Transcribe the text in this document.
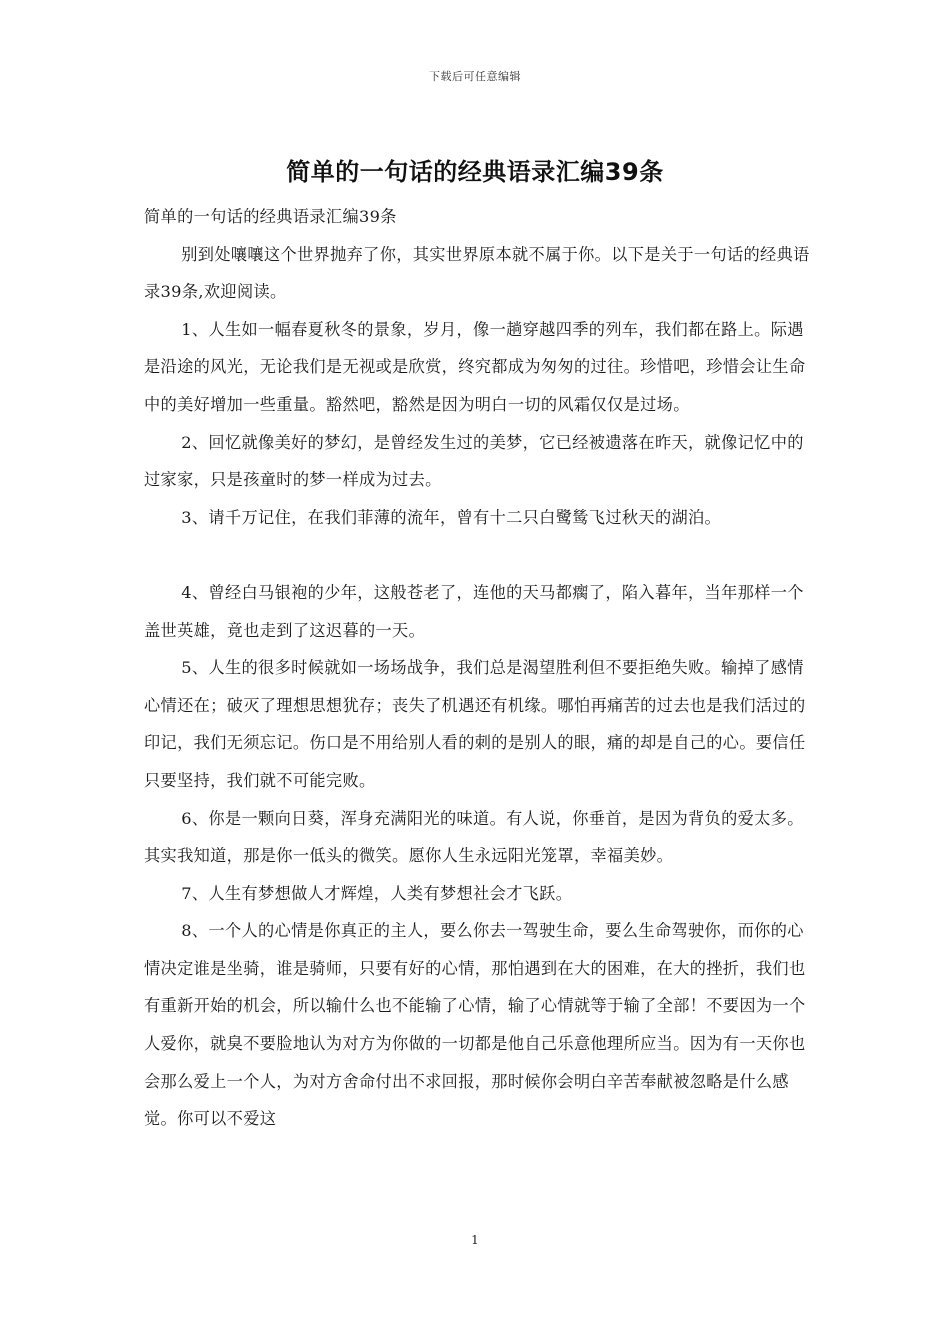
下载后可任意编辑
简单的一句话的经典语录汇编39条

简单的一句话的经典语录汇编39条

别到处嚷嚷这个世界抛弃了你，其实世界原本就不属于你。以下是关于一句话的经典语录39条,欢迎阅读。

1、人生如一幅春夏秋冬的景象，岁月，像一趟穿越四季的列车，我们都在路上。际遇是沿途的风光，无论我们是无视或是欣赏，终究都成为匆匆的过往。珍惜吧，珍惜会让生命中的美好增加一些重量。豁然吧，豁然是因为明白一切的风霜仅仅是过场。

2、回忆就像美好的梦幻，是曾经发生过的美梦，它已经被遗落在昨天，就像记忆中的过家家，只是孩童时的梦一样成为过去。

3、请千万记住，在我们菲薄的流年，曾有十二只白鹭鸶飞过秋天的湖泊。

4、曾经白马银袍的少年，这般苍老了，连他的天马都瘸了，陷入暮年，当年那样一个盖世英雄，竟也走到了这迟暮的一天。

5、人生的很多时候就如一场场战争，我们总是渴望胜利但不要拒绝失败。输掉了感情心情还在；破灭了理想思想犹存；丧失了机遇还有机缘。哪怕再痛苦的过去也是我们活过的印记，我们无须忘记。伤口是不用给别人看的刺的是别人的眼，痛的却是自己的心。要信任只要坚持，我们就不可能完败。

6、你是一颗向日葵，浑身充满阳光的味道。有人说，你垂首，是因为背负的爱太多。其实我知道，那是你一低头的微笑。愿你人生永远阳光笼罩，幸福美妙。

7、人生有梦想做人才辉煌，人类有梦想社会才飞跃。

8、一个人的心情是你真正的主人，要么你去一驾驶生命，要么生命驾驶你，而你的心情决定谁是坐骑，谁是骑师，只要有好的心情，那怕遇到在大的困难，在大的挫折，我们也有重新开始的机会，所以输什么也不能输了心情，输了心情就等于输了全部！不要因为一个人爱你，就臭不要脸地认为对方为你做的一切都是他自己乐意他理所应当。因为有一天你也会那么爱上一个人，为对方舍命付出不求回报，那时候你会明白辛苦奉献被忽略是什么感觉。你可以不爱这

1
